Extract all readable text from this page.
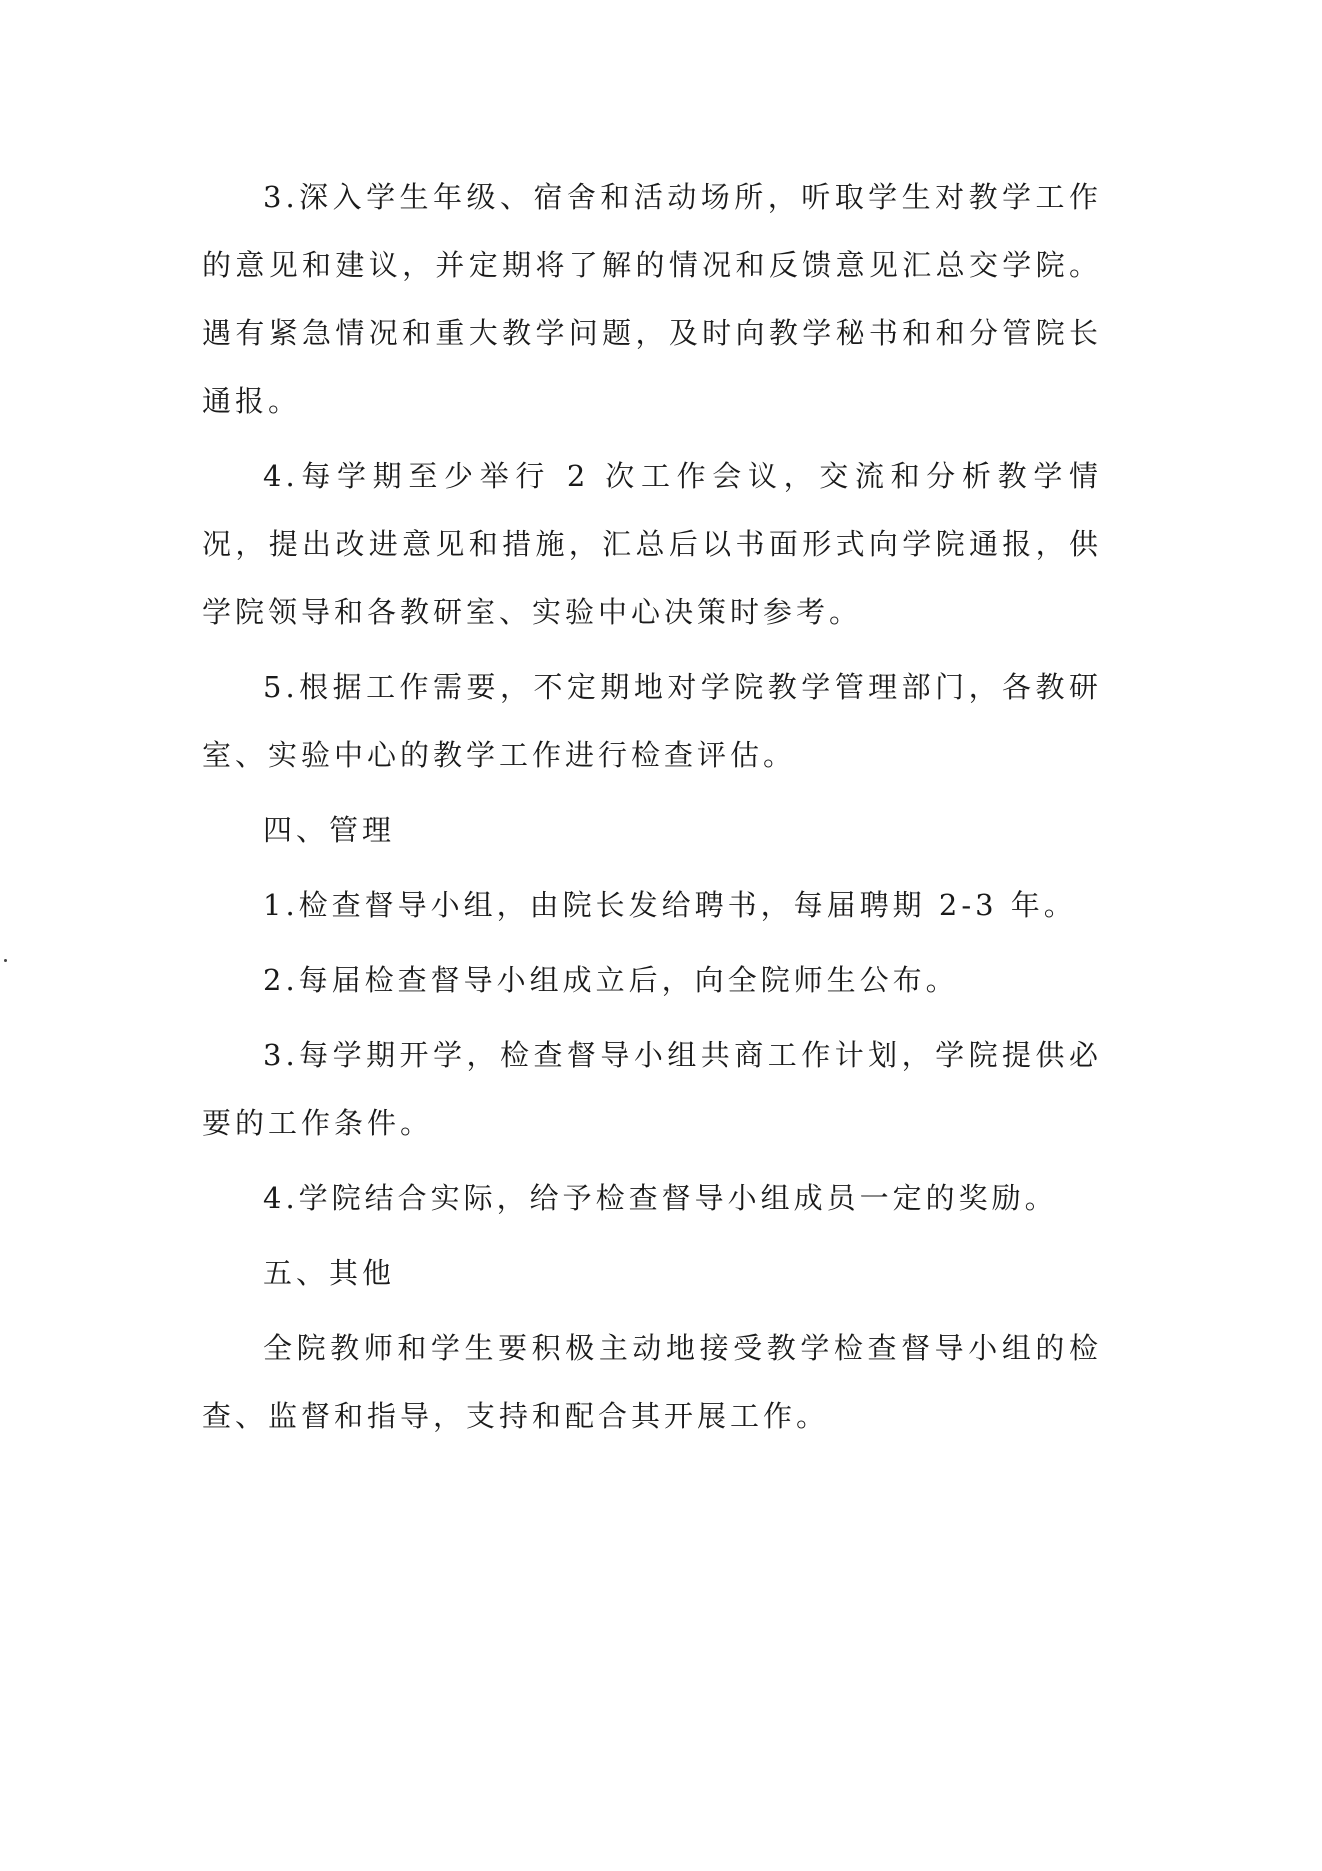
3.深入学生年级、宿舍和活动场所，听取学生对教学工作的意见和建议，并定期将了解的情况和反馈意见汇总交学院。遇有紧急情况和重大教学问题，及时向教学秘书和和分管院长通报。

4.每学期至少举行 2 次工作会议，交流和分析教学情况，提出改进意见和措施，汇总后以书面形式向学院通报，供学院领导和各教研室、实验中心决策时参考。

5.根据工作需要，不定期地对学院教学管理部门，各教研室、实验中心的教学工作进行检查评估。

四、管理

1.检查督导小组，由院长发给聘书，每届聘期 2-3 年。

2.每届检查督导小组成立后，向全院师生公布。

3.每学期开学，检查督导小组共商工作计划，学院提供必要的工作条件。

4.学院结合实际，给予检查督导小组成员一定的奖励。

五、其他

全院教师和学生要积极主动地接受教学检查督导小组的检查、监督和指导，支持和配合其开展工作。
